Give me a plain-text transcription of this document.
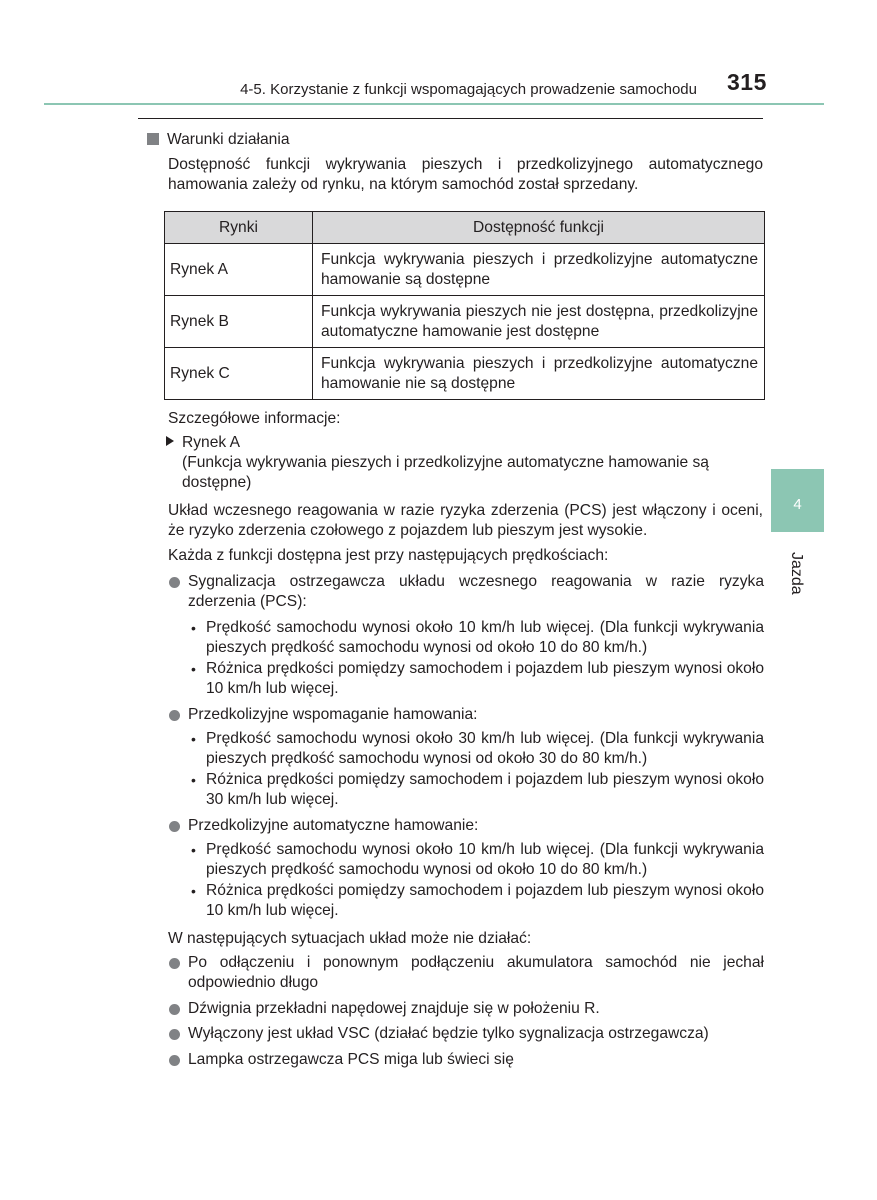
4-5. Korzystanie z funkcji wspomagających prowadzenie samochodu 315
Warunki działania
Dostępność funkcji wykrywania pieszych i przedkolizyjnego automatycznego hamowania zależy od rynku, na którym samochód został sprzedany.
Rynki	Dostępność funkcji
Rynek A	Funkcja wykrywania pieszych i przedkolizyjne automatyczne hamowanie są dostępne
Rynek B	Funkcja wykrywania pieszych nie jest dostępna, przedkolizyjne automatyczne hamowanie jest dostępne
Rynek C	Funkcja wykrywania pieszych i przedkolizyjne automatyczne hamowanie nie są dostępne
Szczegółowe informacje:
Rynek A
(Funkcja wykrywania pieszych i przedkolizyjne automatyczne hamowanie są dostępne)
Układ wczesnego reagowania w razie ryzyka zderzenia (PCS) jest włączony i oceni, że ryzyko zderzenia czołowego z pojazdem lub pieszym jest wysokie.
Każda z funkcji dostępna jest przy następujących prędkościach:
Sygnalizacja ostrzegawcza układu wczesnego reagowania w razie ryzyka zderzenia (PCS):
• Prędkość samochodu wynosi około 10 km/h lub więcej. (Dla funkcji wykrywania pieszych prędkość samochodu wynosi od około 10 do 80 km/h.)
• Różnica prędkości pomiędzy samochodem i pojazdem lub pieszym wynosi około 10 km/h lub więcej.
Przedkolizyjne wspomaganie hamowania:
• Prędkość samochodu wynosi około 30 km/h lub więcej. (Dla funkcji wykrywania pieszych prędkość samochodu wynosi od około 30 do 80 km/h.)
• Różnica prędkości pomiędzy samochodem i pojazdem lub pieszym wynosi około 30 km/h lub więcej.
Przedkolizyjne automatyczne hamowanie:
• Prędkość samochodu wynosi około 10 km/h lub więcej. (Dla funkcji wykrywania pieszych prędkość samochodu wynosi od około 10 do 80 km/h.)
• Różnica prędkości pomiędzy samochodem i pojazdem lub pieszym wynosi około 10 km/h lub więcej.
W następujących sytuacjach układ może nie działać:
Po odłączeniu i ponownym podłączeniu akumulatora samochód nie jechał odpowiednio długo
Dźwignia przekładni napędowej znajduje się w położeniu R.
Wyłączony jest układ VSC (działać będzie tylko sygnalizacja ostrzegawcza)
Lampka ostrzegawcza PCS miga lub świeci się
4
Jazda
